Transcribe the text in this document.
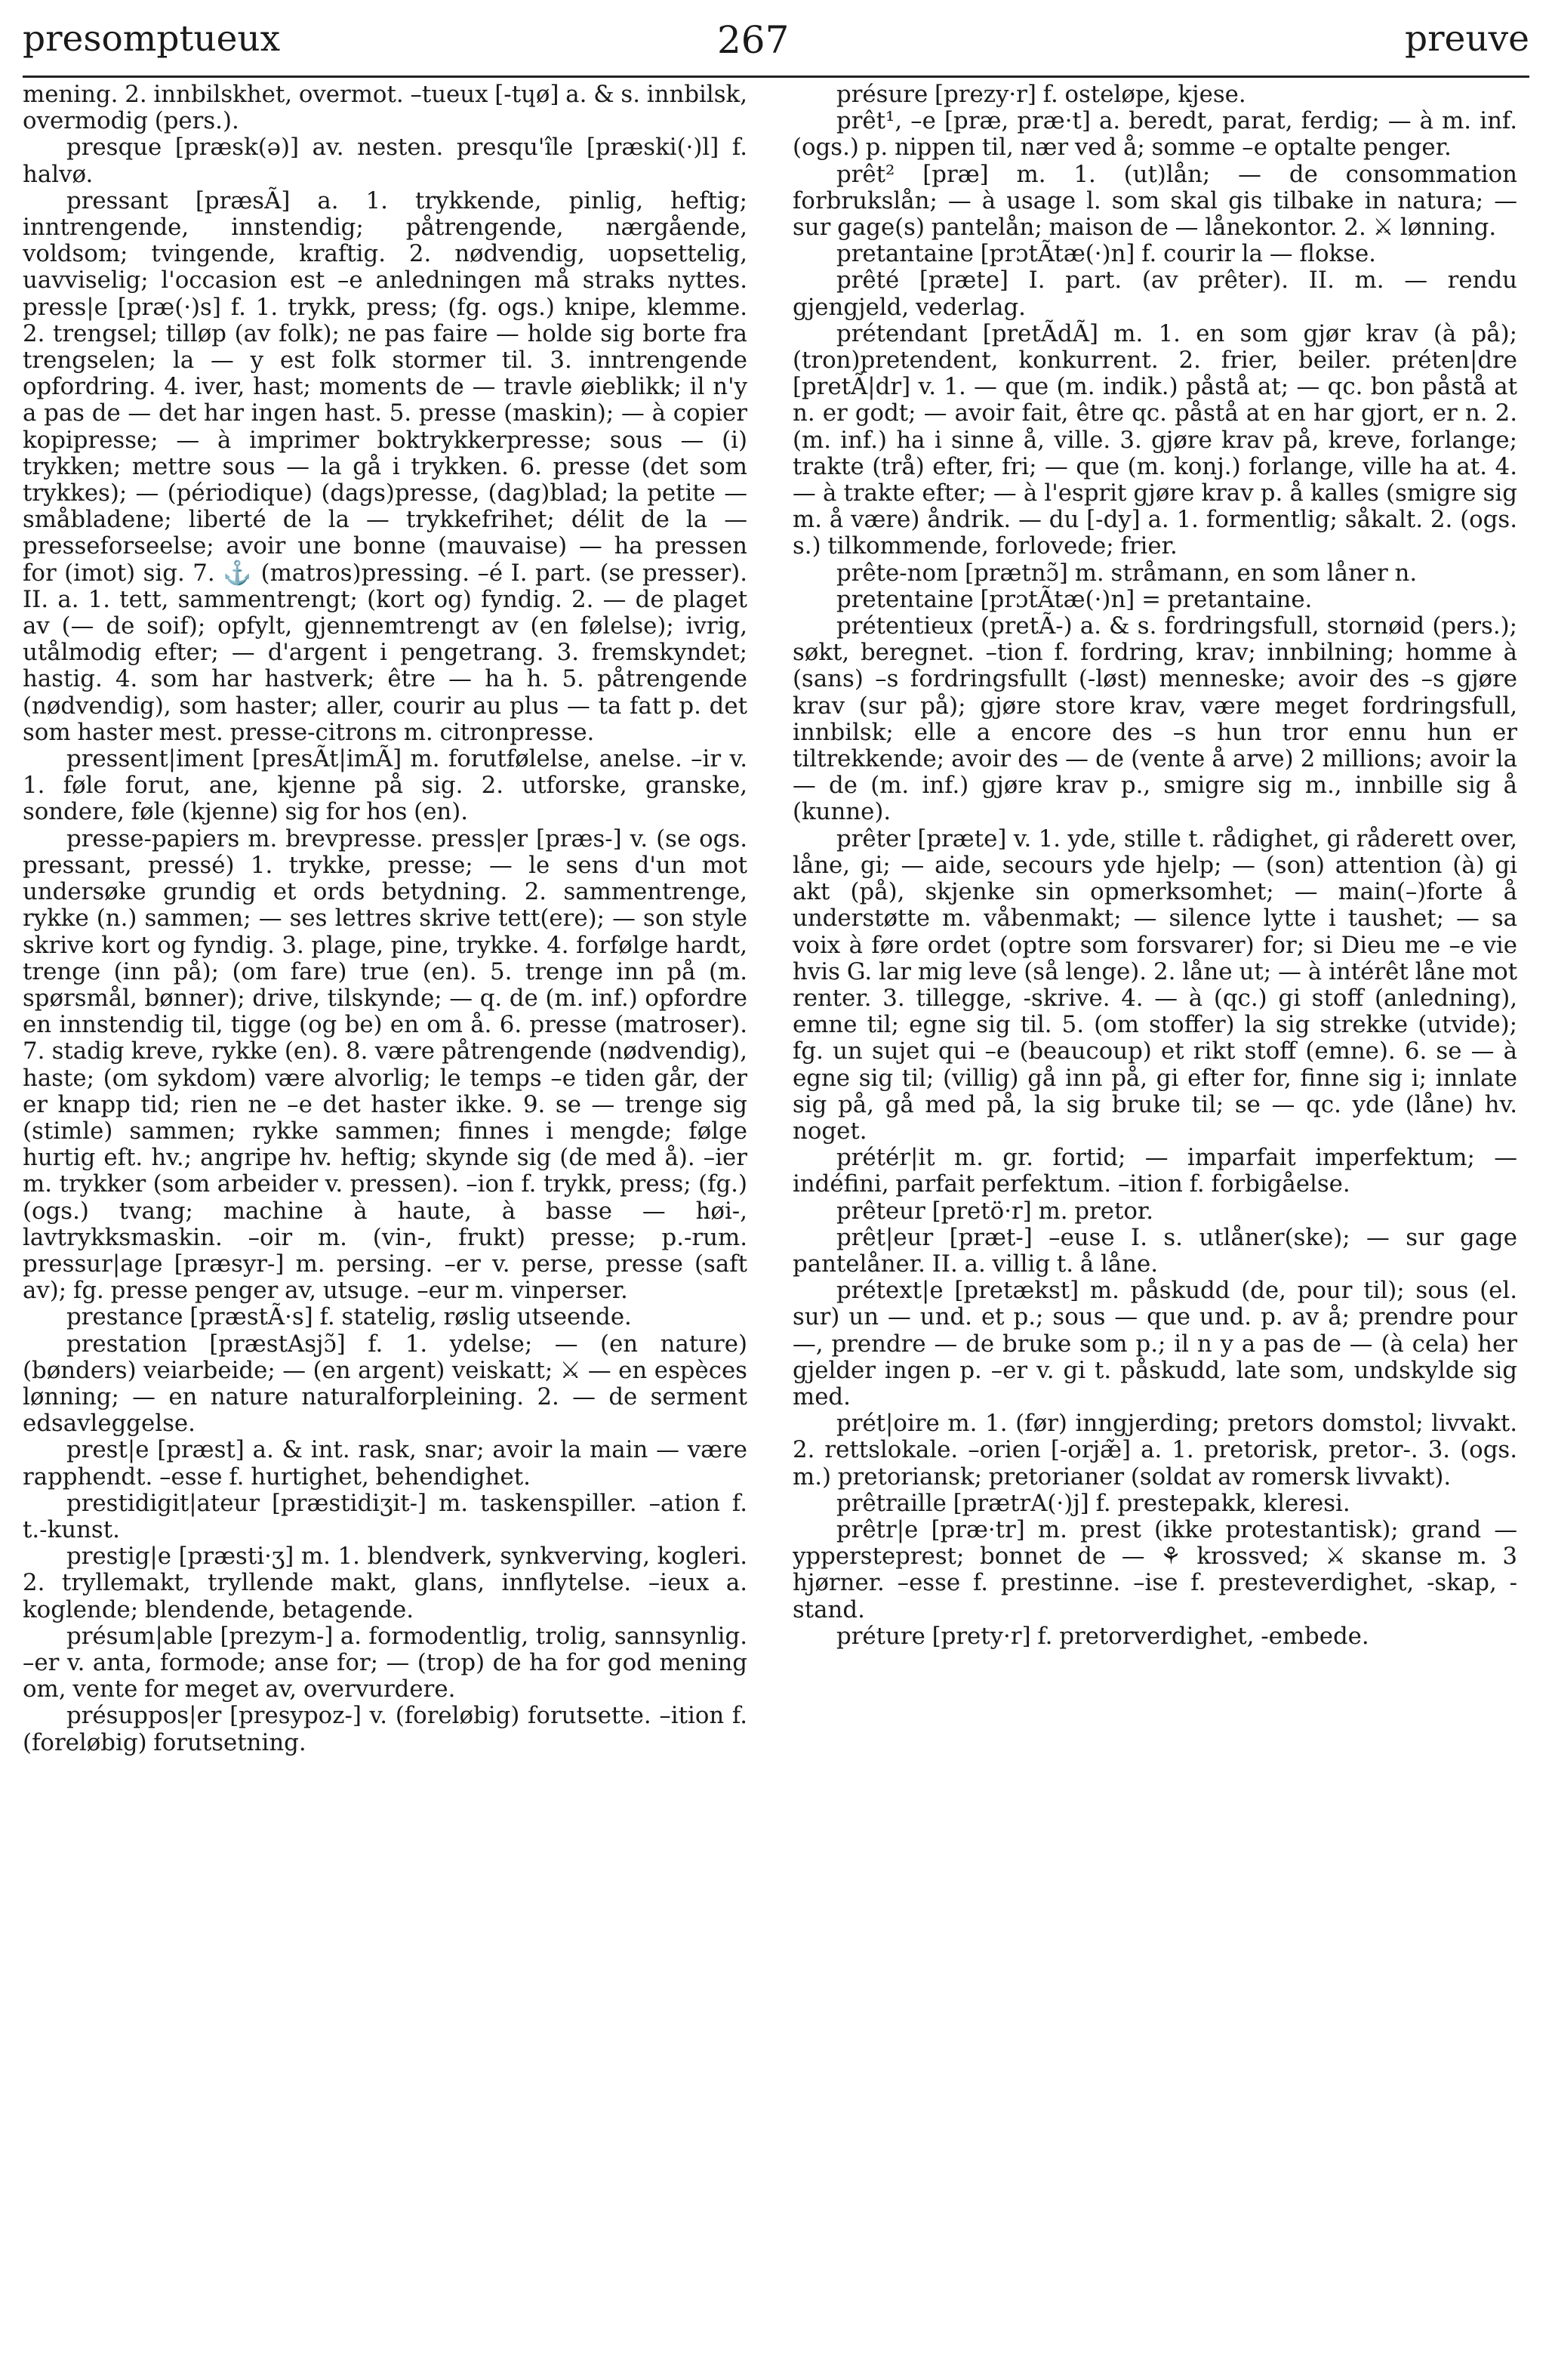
presomptueux	267	preuve

mening. 2. innbilskhet, overmot. –tueux [-tɥø] a. & s. innbilsk, overmodig (pers.).

presque [præsk(ə)] av. nesten. presqu'île [præski(·)l] f. halvø.

pressant [præsÃ] a. 1. trykkende, pinlig, heftig; inntrengende, innstendig; påtrengende, nærgående, voldsom; tvingende, kraftig. 2. nødvendig, uopsettelig, uavviselig; l'occasion est –e anledningen må straks nyttes. press|e [præ(·)s] f. 1. trykk, press; (fg. ogs.) knipe, klemme. 2. trengsel; tilløp (av folk); ne pas faire — holde sig borte fra trengselen; la — y est folk stormer til. 3. inntrengende opfordring. 4. iver, hast; moments de — travle øieblikk; il n'y a pas de — det har ingen hast. 5. presse (maskin); — à copier kopipresse; — à imprimer boktrykkerpresse; sous — (i) trykken; mettre sous — la gå i trykken. 6. presse (det som trykkes); — (périodique) (dags)presse, (dag)blad; la petite — småbladene; liberté de la — trykkefrihet; délit de la — presseforseelse; avoir une bonne (mauvaise) — ha pressen for (imot) sig. 7. ⚓ (matros)pressing. –é I. part. (se presser). II. a. 1. tett, sammentrengt; (kort og) fyndig. 2. — de plaget av (— de soif); opfylt, gjennemtrengt av (en følelse); ivrig, utålmodig efter; — d'argent i pengetrang. 3. fremskyndet; hastig. 4. som har hastverk; être — ha h. 5. påtrengende (nødvendig), som haster; aller, courir au plus — ta fatt p. det som haster mest. presse-citrons m. citronpresse.

pressent|iment [presÃt|imÃ] m. forutfølelse, anelse. –ir v. 1. føle forut, ane, kjenne på sig. 2. utforske, granske, sondere, føle (kjenne) sig for hos (en).

presse-papiers m. brevpresse. press|er [præs-] v. (se ogs. pressant, pressé) 1. trykke, presse; — le sens d'un mot undersøke grundig et ords betydning. 2. sammentrenge, rykke (n.) sammen; — ses lettres skrive tett(ere); — son style skrive kort og fyndig. 3. plage, pine, trykke. 4. forfølge hardt, trenge (inn på); (om fare) true (en). 5. trenge inn på (m. spørsmål, bønner); drive, tilskynde; — q. de (m. inf.) opfordre en innstendig til, tigge (og be) en om å. 6. presse (matroser). 7. stadig kreve, rykke (en). 8. være påtrengende (nødvendig), haste; (om sykdom) være alvorlig; le temps –e tiden går, der er knapp tid; rien ne –e det haster ikke. 9. se — trenge sig (stimle) sammen; rykke sammen; finnes i mengde; følge hurtig eft. hv.; angripe hv. heftig; skynde sig (de med å). –ier m. trykker (som arbeider v. pressen). –ion f. trykk, press; (fg.) (ogs.) tvang; machine à haute, à basse — høi-, lavtrykksmaskin. –oir m. (vin-, frukt) presse; p.-rum. pressur|age [præsyr-] m. persing. –er v. perse, presse (saft av); fg. presse penger av, utsuge. –eur m. vinperser.

prestance [præstÃ·s] f. statelig, røslig utseende.

prestation [præstAsjɔ̃] f. 1. ydelse; — (en nature) (bønders) veiarbeide; — (en argent) veiskatt; ⚔ — en espèces lønning; — en nature naturalforpleining. 2. — de serment edsavleggelse.

prest|e [præst] a. & int. rask, snar; avoir la main — være rapphendt. –esse f. hurtighet, behendighet.

prestidigit|ateur [præstidiʒit-] m. taskenspiller. –ation f. t.-kunst.

prestig|e [præsti·ʒ] m. 1. blendverk, synkverving, kogleri. 2. tryllemakt, tryllende makt, glans, innflytelse. –ieux a. koglende; blendende, betagende.

présum|able [prezym-] a. formodentlig, trolig, sannsynlig. –er v. anta, formode; anse for; — (trop) de ha for god mening om, vente for meget av, overvurdere.

présuppos|er [presypoz-] v. (foreløbig) forutsette. –ition f. (foreløbig) forutsetning.

présure [prezy·r] f. osteløpe, kjese.

prêt¹, –e [præ, præ·t] a. beredt, parat, ferdig; — à m. inf. (ogs.) p. nippen til, nær ved å; somme –e optalte penger.

prêt² [præ] m. 1. (ut)lån; — de consommation forbrukslån; — à usage l. som skal gis tilbake in natura; — sur gage(s) pantelån; maison de — lånekontor. 2. ⚔ lønning.

pretantaine [prɔtÃtæ(·)n] f. courir la — flokse.

prêté [præte] I. part. (av prêter). II. m. — rendu gjengjeld, vederlag.

prétendant [pretÃdÃ] m. 1. en som gjør krav (à på); (tron)pretendent, konkurrent. 2. frier, beiler. préten|dre [pretÃ|dr] v. 1. — que (m. indik.) påstå at; — qc. bon påstå at n. er godt; — avoir fait, être qc. påstå at en har gjort, er n. 2. (m. inf.) ha i sinne å, ville. 3. gjøre krav på, kreve, forlange; trakte (trå) efter, fri; — que (m. konj.) forlange, ville ha at. 4. — à trakte efter; — à l'esprit gjøre krav p. å kalles (smigre sig m. å være) åndrik. — du [-dy] a. 1. formentlig; såkalt. 2. (ogs. s.) tilkommende, forlovede; frier.

prête-nom [prætnɔ̃] m. stråmann, en som låner n.

pretentaine [prɔtÃtæ(·)n] = pretantaine.

prétentieux (pretÃ-) a. & s. fordringsfull, stornøid (pers.); søkt, beregnet. –tion f. fordring, krav; innbilning; homme à (sans) –s fordringsfullt (-løst) menneske; avoir des –s gjøre krav (sur på); gjøre store krav, være meget fordringsfull, innbilsk; elle a encore des –s hun tror ennu hun er tiltrekkende; avoir des — de (vente å arve) 2 millions; avoir la — de (m. inf.) gjøre krav p., smigre sig m., innbille sig å (kunne).

prêter [præte] v. 1. yde, stille t. rådighet, gi råderett over, låne, gi; — aide, secours yde hjelp; — (son) attention (à) gi akt (på), skjenke sin opmerksomhet; — main(–)forte å understøtte m. våbenmakt; — silence lytte i taushet; — sa voix à føre ordet (optre som forsvarer) for; si Dieu me –e vie hvis G. lar mig leve (så lenge). 2. låne ut; — à intérêt låne mot renter. 3. tillegge, -skrive. 4. — à (qc.) gi stoff (anledning), emne til; egne sig til. 5. (om stoffer) la sig strekke (utvide); fg. un sujet qui –e (beaucoup) et rikt stoff (emne). 6. se — à egne sig til; (villig) gå inn på, gi efter for, finne sig i; innlate sig på, gå med på, la sig bruke til; se — qc. yde (låne) hv. noget.

prétér|it m. gr. fortid; — imparfait imperfektum; — indéfini, parfait perfektum. –ition f. forbigåelse.

prêteur [pretö·r] m. pretor.

prêt|eur [præt-] –euse I. s. utlåner(ske); — sur gage pantelåner. II. a. villig t. å låne.

prétext|e [pretækst] m. påskudd (de, pour til); sous (el. sur) un — und. et p.; sous — que und. p. av å; prendre pour —, prendre — de bruke som p.; il n y a pas de — (à cela) her gjelder ingen p. –er v. gi t. påskudd, late som, undskylde sig med.

prét|oire m. 1. (før) inngjerding; pretors domstol; livvakt. 2. rettslokale. –orien [-orjæ̃] a. 1. pretorisk, pretor-. 3. (ogs. m.) pretoriansk; pretorianer (soldat av romersk livvakt).

prêtraille [prætrA(·)j] f. prestepakk, kleresi.

prêtr|e [præ·tr] m. prest (ikke protestantisk); grand — yppersteprest; bonnet de — ⚘ krossved; ⚔ skanse m. 3 hjørner. –esse f. prestinne. –ise f. presteverdighet, -skap, -stand.

préture [prety·r] f. pretorverdighet, -embede.
